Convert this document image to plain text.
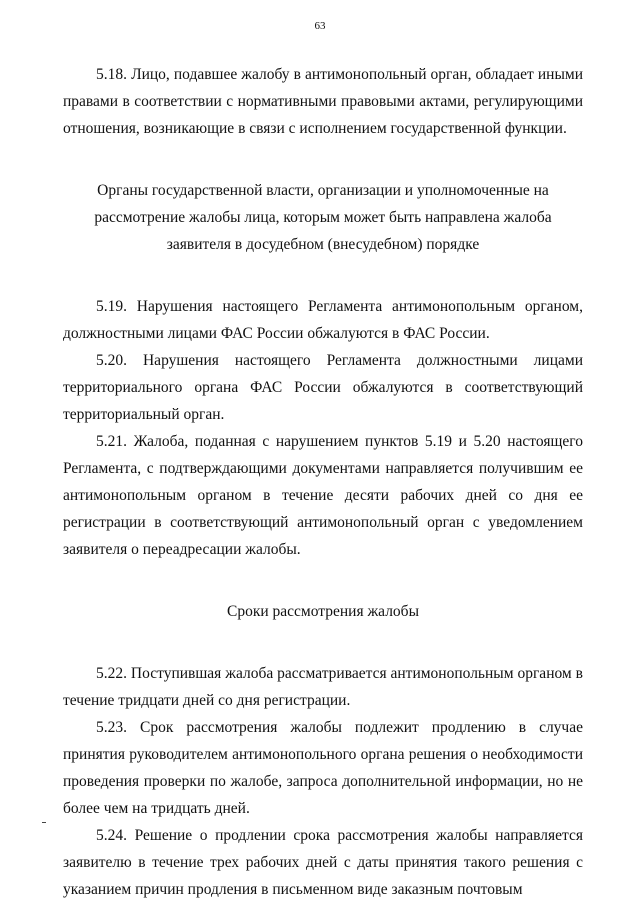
63

5.18. Лицо, подавшее жалобу в антимонопольный орган, обладает иными правами в соответствии с нормативными правовыми актами, регулирующими отношения, возникающие в связи с исполнением государственной функции.

Органы государственной власти, организации и уполномоченные на рассмотрение жалобы лица, которым может быть направлена жалоба заявителя в досудебном (внесудебном) порядке

5.19. Нарушения настоящего Регламента антимонопольным органом, должностными лицами ФАС России обжалуются в ФАС России.

5.20. Нарушения настоящего Регламента должностными лицами территориального органа ФАС России обжалуются в соответствующий территориальный орган.

5.21. Жалоба, поданная с нарушением пунктов 5.19 и 5.20 настоящего Регламента, с подтверждающими документами направляется получившим ее антимонопольным органом в течение десяти рабочих дней со дня ее регистрации в соответствующий антимонопольный орган с уведомлением заявителя о переадресации жалобы.

Сроки рассмотрения жалобы

5.22. Поступившая жалоба рассматривается антимонопольным органом в течение тридцати дней со дня регистрации.

5.23. Срок рассмотрения жалобы подлежит продлению в случае принятия руководителем антимонопольного органа решения о необходимости проведения проверки по жалобе, запроса дополнительной информации, но не более чем на тридцать дней.

5.24. Решение о продлении срока рассмотрения жалобы направляется заявителю в течение трех рабочих дней с даты принятия такого решения с указанием причин продления в письменном виде заказным почтовым
